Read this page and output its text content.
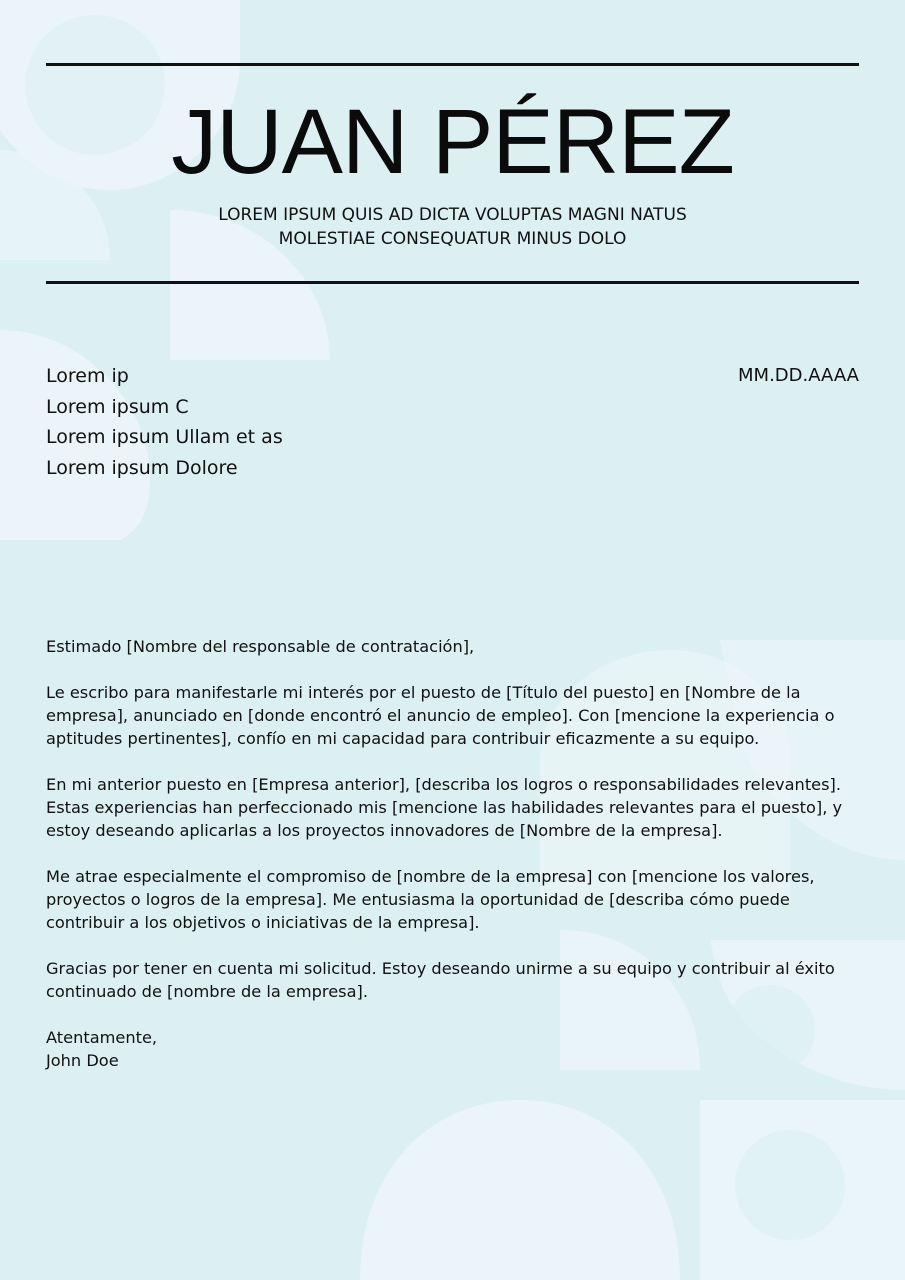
JUAN PÉREZ
LOREM IPSUM QUIS AD DICTA VOLUPTAS MAGNI NATUS
MOLESTIAE CONSEQUATUR MINUS DOLO
Lorem ip
Lorem ipsum C
Lorem ipsum Ullam et as
Lorem ipsum Dolore
MM.DD.AAAA

Estimado [Nombre del responsable de contratación],

Le escribo para manifestarle mi interés por el puesto de [Título del puesto] en [Nombre de la empresa], anunciado en [donde encontró el anuncio de empleo]. Con [mencione la experiencia o aptitudes pertinentes], confío en mi capacidad para contribuir eficazmente a su equipo.

En mi anterior puesto en [Empresa anterior], [describa los logros o responsabilidades relevantes]. Estas experiencias han perfeccionado mis [mencione las habilidades relevantes para el puesto], y estoy deseando aplicarlas a los proyectos innovadores de [Nombre de la empresa].

Me atrae especialmente el compromiso de [nombre de la empresa] con [mencione los valores, proyectos o logros de la empresa]. Me entusiasma la oportunidad de [describa cómo puede contribuir a los objetivos o iniciativas de la empresa].

Gracias por tener en cuenta mi solicitud. Estoy deseando unirme a su equipo y contribuir al éxito continuado de [nombre de la empresa].

Atentamente,
John Doe
